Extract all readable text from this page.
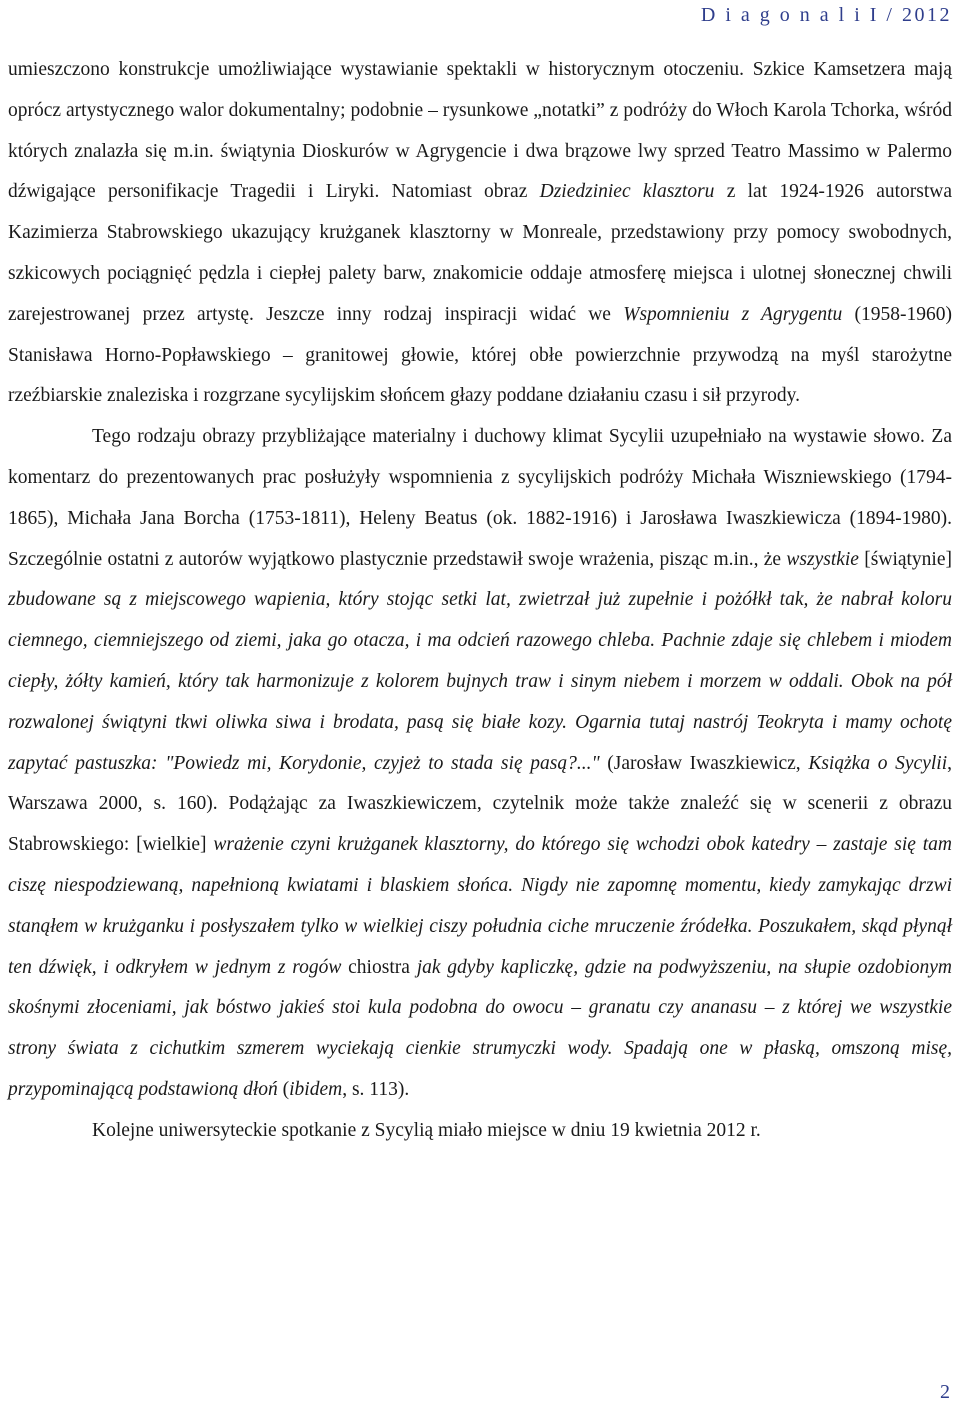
D i a g o n a l i I / 2012

umieszczono konstrukcje umożliwiające wystawianie spektakli w historycznym otoczeniu. Szkice Kamsetzera mają oprócz artystycznego walor dokumentalny; podobnie – rysunkowe „notatki” z podróży do Włoch Karola Tchorka, wśród których znalazła się m.in. świątynia Dioskurów w Agrygencie i dwa brązowe lwy sprzed Teatro Massimo w Palermo dźwigające personifikacje Tragedii i Liryki. Natomiast obraz Dziedziniec klasztoru z lat 1924-1926 autorstwa Kazimierza Stabrowskiego ukazujący krużganek klasztorny w Monreale, przedstawiony przy pomocy swobodnych, szkicowych pociągnięć pędzla i ciepłej palety barw, znakomicie oddaje atmosferę miejsca i ulotnej słonecznej chwili zarejestrowanej przez artystę. Jeszcze inny rodzaj inspiracji widać we Wspomnieniu z Agrygentu (1958-1960) Stanisława Horno-Popławskiego – granitowej głowie, której obłe powierzchnie przywodzą na myśl starożytne rzeźbiarskie znaleziska i rozgrzane sycylijskim słońcem głazy poddane działaniu czasu i sił przyrody.

Tego rodzaju obrazy przybliżające materialny i duchowy klimat Sycylii uzupełniało na wystawie słowo. Za komentarz do prezentowanych prac posłużyły wspomnienia z sycylijskich podróży Michała Wiszniewskiego (1794-1865), Michała Jana Borcha (1753-1811), Heleny Beatus (ok. 1882-1916) i Jarosława Iwaszkiewicza (1894-1980). Szczególnie ostatni z autorów wyjątkowo plastycznie przedstawił swoje wrażenia, pisząc m.in., że wszystkie [świątynie] zbudowane są z miejscowego wapienia, który stojąc setki lat, zwietrzał już zupełnie i pożółkł tak, że nabrał koloru ciemnego, ciemniejszego od ziemi, jaka go otacza, i ma odcień razowego chleba. Pachnie zdaje się chlebem i miodem ciepły, żółty kamień, który tak harmonizuje z kolorem bujnych traw i sinym niebem i morzem w oddali. Obok na pół rozwalonej świątyni tkwi oliwka siwa i brodata, pasą się białe kozy. Ogarnia tutaj nastrój Teokryta i mamy ochotę zapytać pastuszka: "Powiedz mi, Korydonie, czyjeż to stada się pasą?..." (Jarosław Iwaszkiewicz, Książka o Sycylii, Warszawa 2000, s. 160). Podążając za Iwaszkiewiczem, czytelnik może także znaleźć się w scenerii z obrazu Stabrowskiego: [wielkie] wrażenie czyni krużganek klasztorny, do którego się wchodzi obok katedry – zastaje się tam ciszę niespodziewaną, napełnioną kwiatami i blaskiem słońca. Nigdy nie zapomnę momentu, kiedy zamykając drzwi stanąłem w krużganku i posłyszałem tylko w wielkiej ciszy południa ciche mruczenie źródełka. Poszukałem, skąd płynął ten dźwięk, i odkryłem w jednym z rogów chiostra jak gdyby kapliczkę, gdzie na podwyższeniu, na słupie ozdobionym skośnymi złoceniami, jak bóstwo jakieś stoi kula podobna do owocu – granatu czy ananasu – z której we wszystkie strony świata z cichutkim szmerem wyciekają cienkie strumyczki wody. Spadają one w płaską, omszoną misę, przypominającą podstawioną dłoń (ibidem, s. 113).

Kolejne uniwersyteckie spotkanie z Sycylią miało miejsce w dniu 19 kwietnia 2012 r.

2
